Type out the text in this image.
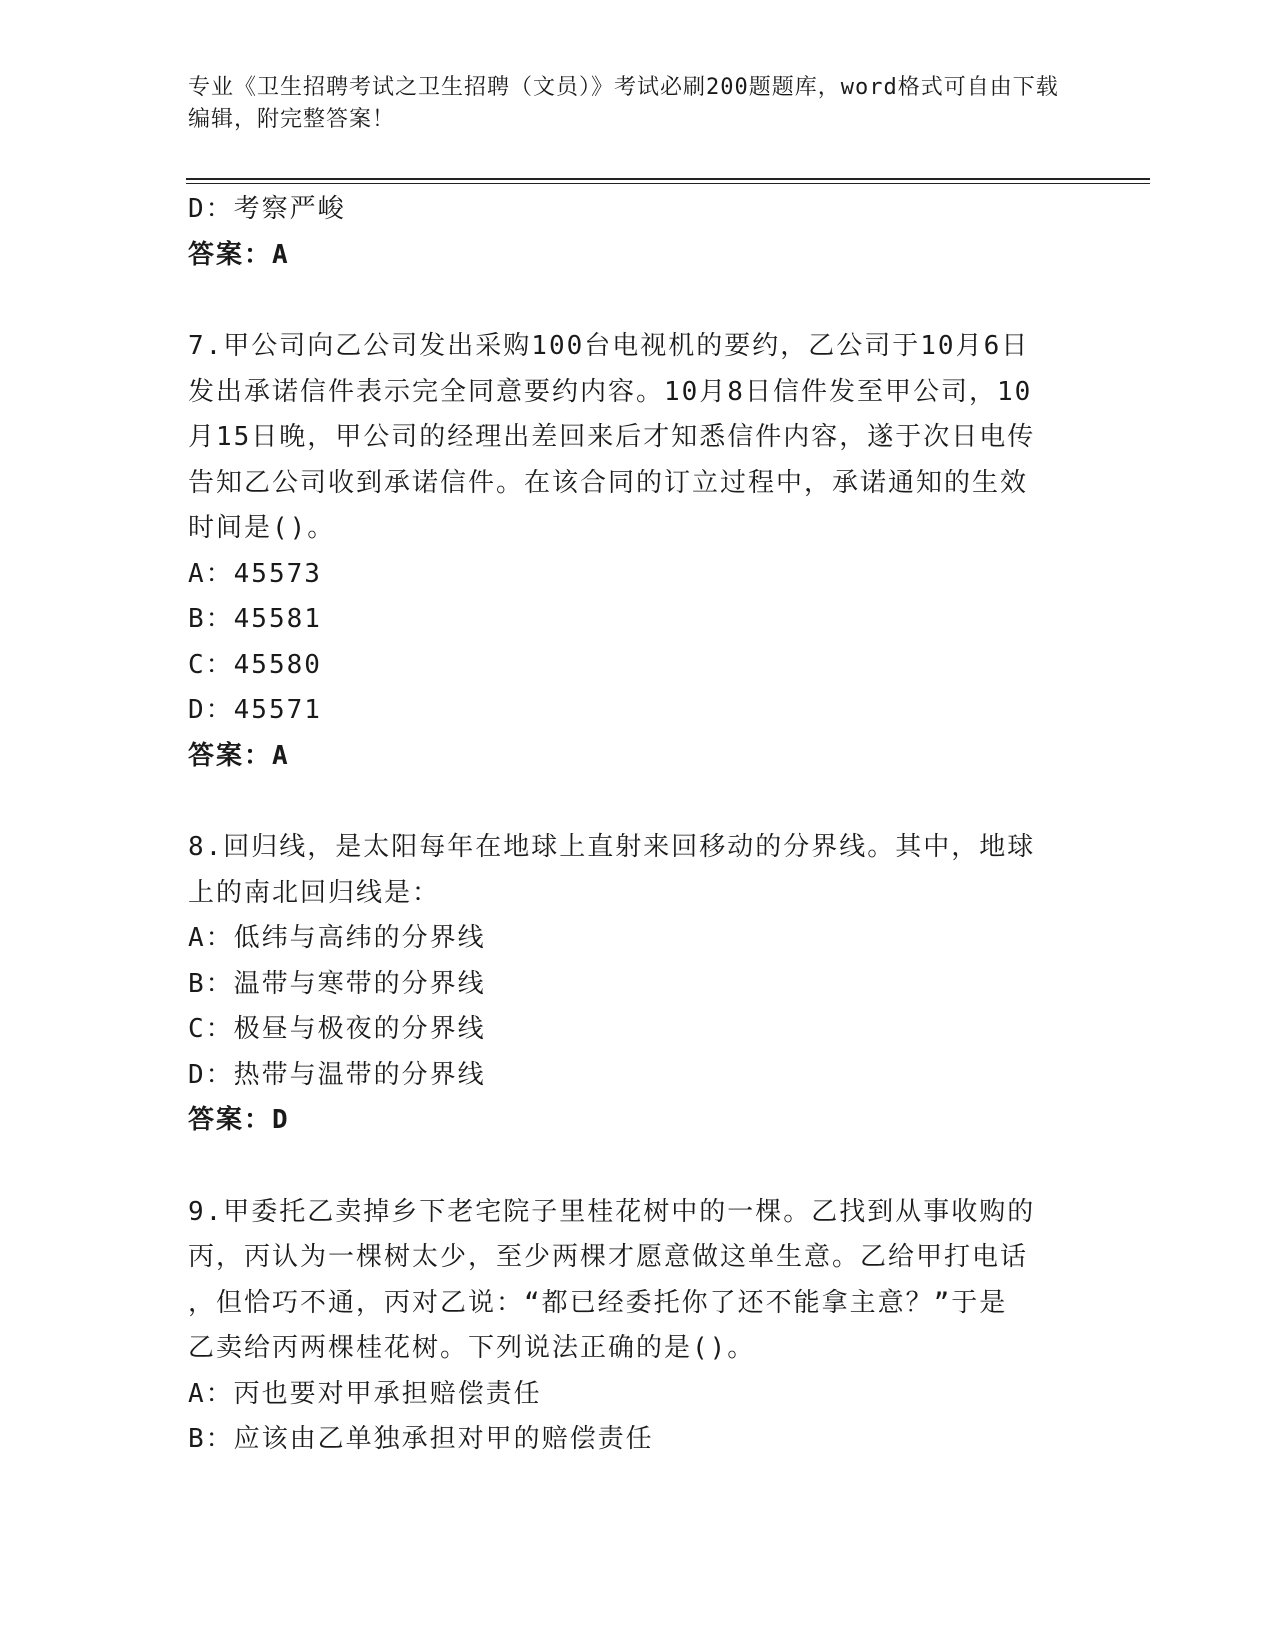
专业《卫生招聘考试之卫生招聘（文员）》考试必刷200题题库，word格式可自由下载编辑，附完整答案！
D：考察严峻
答案：A
7.甲公司向乙公司发出采购100台电视机的要约，乙公司于10月6日
发出承诺信件表示完全同意要约内容。10月8日信件发至甲公司，10
月15日晚，甲公司的经理出差回来后才知悉信件内容，遂于次日电传
告知乙公司收到承诺信件。在该合同的订立过程中，承诺通知的生效
时间是()。
A：45573
B：45581
C：45580
D：45571
答案：A
8.回归线，是太阳每年在地球上直射来回移动的分界线。其中，地球
上的南北回归线是：
A：低纬与高纬的分界线
B：温带与寒带的分界线
C：极昼与极夜的分界线
D：热带与温带的分界线
答案：D
9.甲委托乙卖掉乡下老宅院子里桂花树中的一棵。乙找到从事收购的
丙，丙认为一棵树太少，至少两棵才愿意做这单生意。乙给甲打电话
，但恰巧不通，丙对乙说：“都已经委托你了还不能拿主意？”于是
乙卖给丙两棵桂花树。下列说法正确的是()。
A：丙也要对甲承担赔偿责任
B：应该由乙单独承担对甲的赔偿责任
